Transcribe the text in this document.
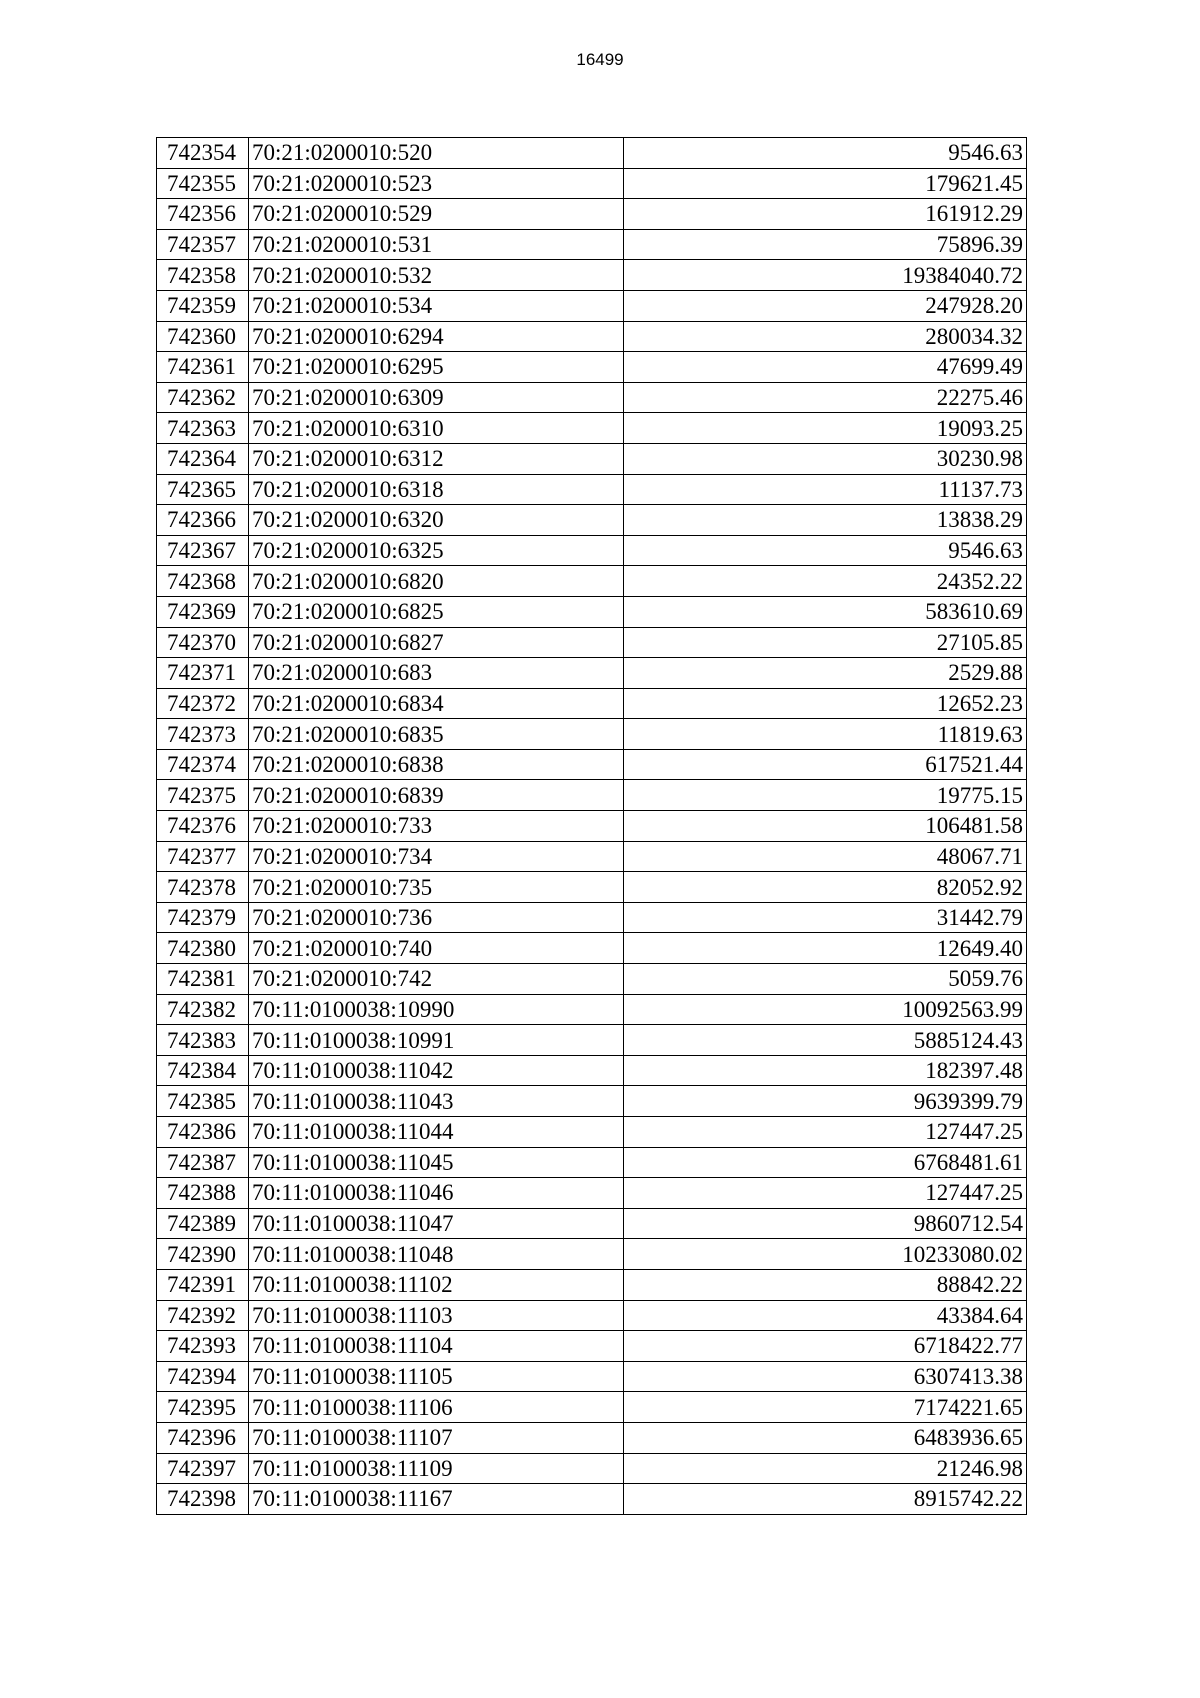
16499
742354	70:21:0200010:520	9546.63
742355	70:21:0200010:523	179621.45
742356	70:21:0200010:529	161912.29
742357	70:21:0200010:531	75896.39
742358	70:21:0200010:532	19384040.72
742359	70:21:0200010:534	247928.20
742360	70:21:0200010:6294	280034.32
742361	70:21:0200010:6295	47699.49
742362	70:21:0200010:6309	22275.46
742363	70:21:0200010:6310	19093.25
742364	70:21:0200010:6312	30230.98
742365	70:21:0200010:6318	11137.73
742366	70:21:0200010:6320	13838.29
742367	70:21:0200010:6325	9546.63
742368	70:21:0200010:6820	24352.22
742369	70:21:0200010:6825	583610.69
742370	70:21:0200010:6827	27105.85
742371	70:21:0200010:683	2529.88
742372	70:21:0200010:6834	12652.23
742373	70:21:0200010:6835	11819.63
742374	70:21:0200010:6838	617521.44
742375	70:21:0200010:6839	19775.15
742376	70:21:0200010:733	106481.58
742377	70:21:0200010:734	48067.71
742378	70:21:0200010:735	82052.92
742379	70:21:0200010:736	31442.79
742380	70:21:0200010:740	12649.40
742381	70:21:0200010:742	5059.76
742382	70:11:0100038:10990	10092563.99
742383	70:11:0100038:10991	5885124.43
742384	70:11:0100038:11042	182397.48
742385	70:11:0100038:11043	9639399.79
742386	70:11:0100038:11044	127447.25
742387	70:11:0100038:11045	6768481.61
742388	70:11:0100038:11046	127447.25
742389	70:11:0100038:11047	9860712.54
742390	70:11:0100038:11048	10233080.02
742391	70:11:0100038:11102	88842.22
742392	70:11:0100038:11103	43384.64
742393	70:11:0100038:11104	6718422.77
742394	70:11:0100038:11105	6307413.38
742395	70:11:0100038:11106	7174221.65
742396	70:11:0100038:11107	6483936.65
742397	70:11:0100038:11109	21246.98
742398	70:11:0100038:11167	8915742.22
